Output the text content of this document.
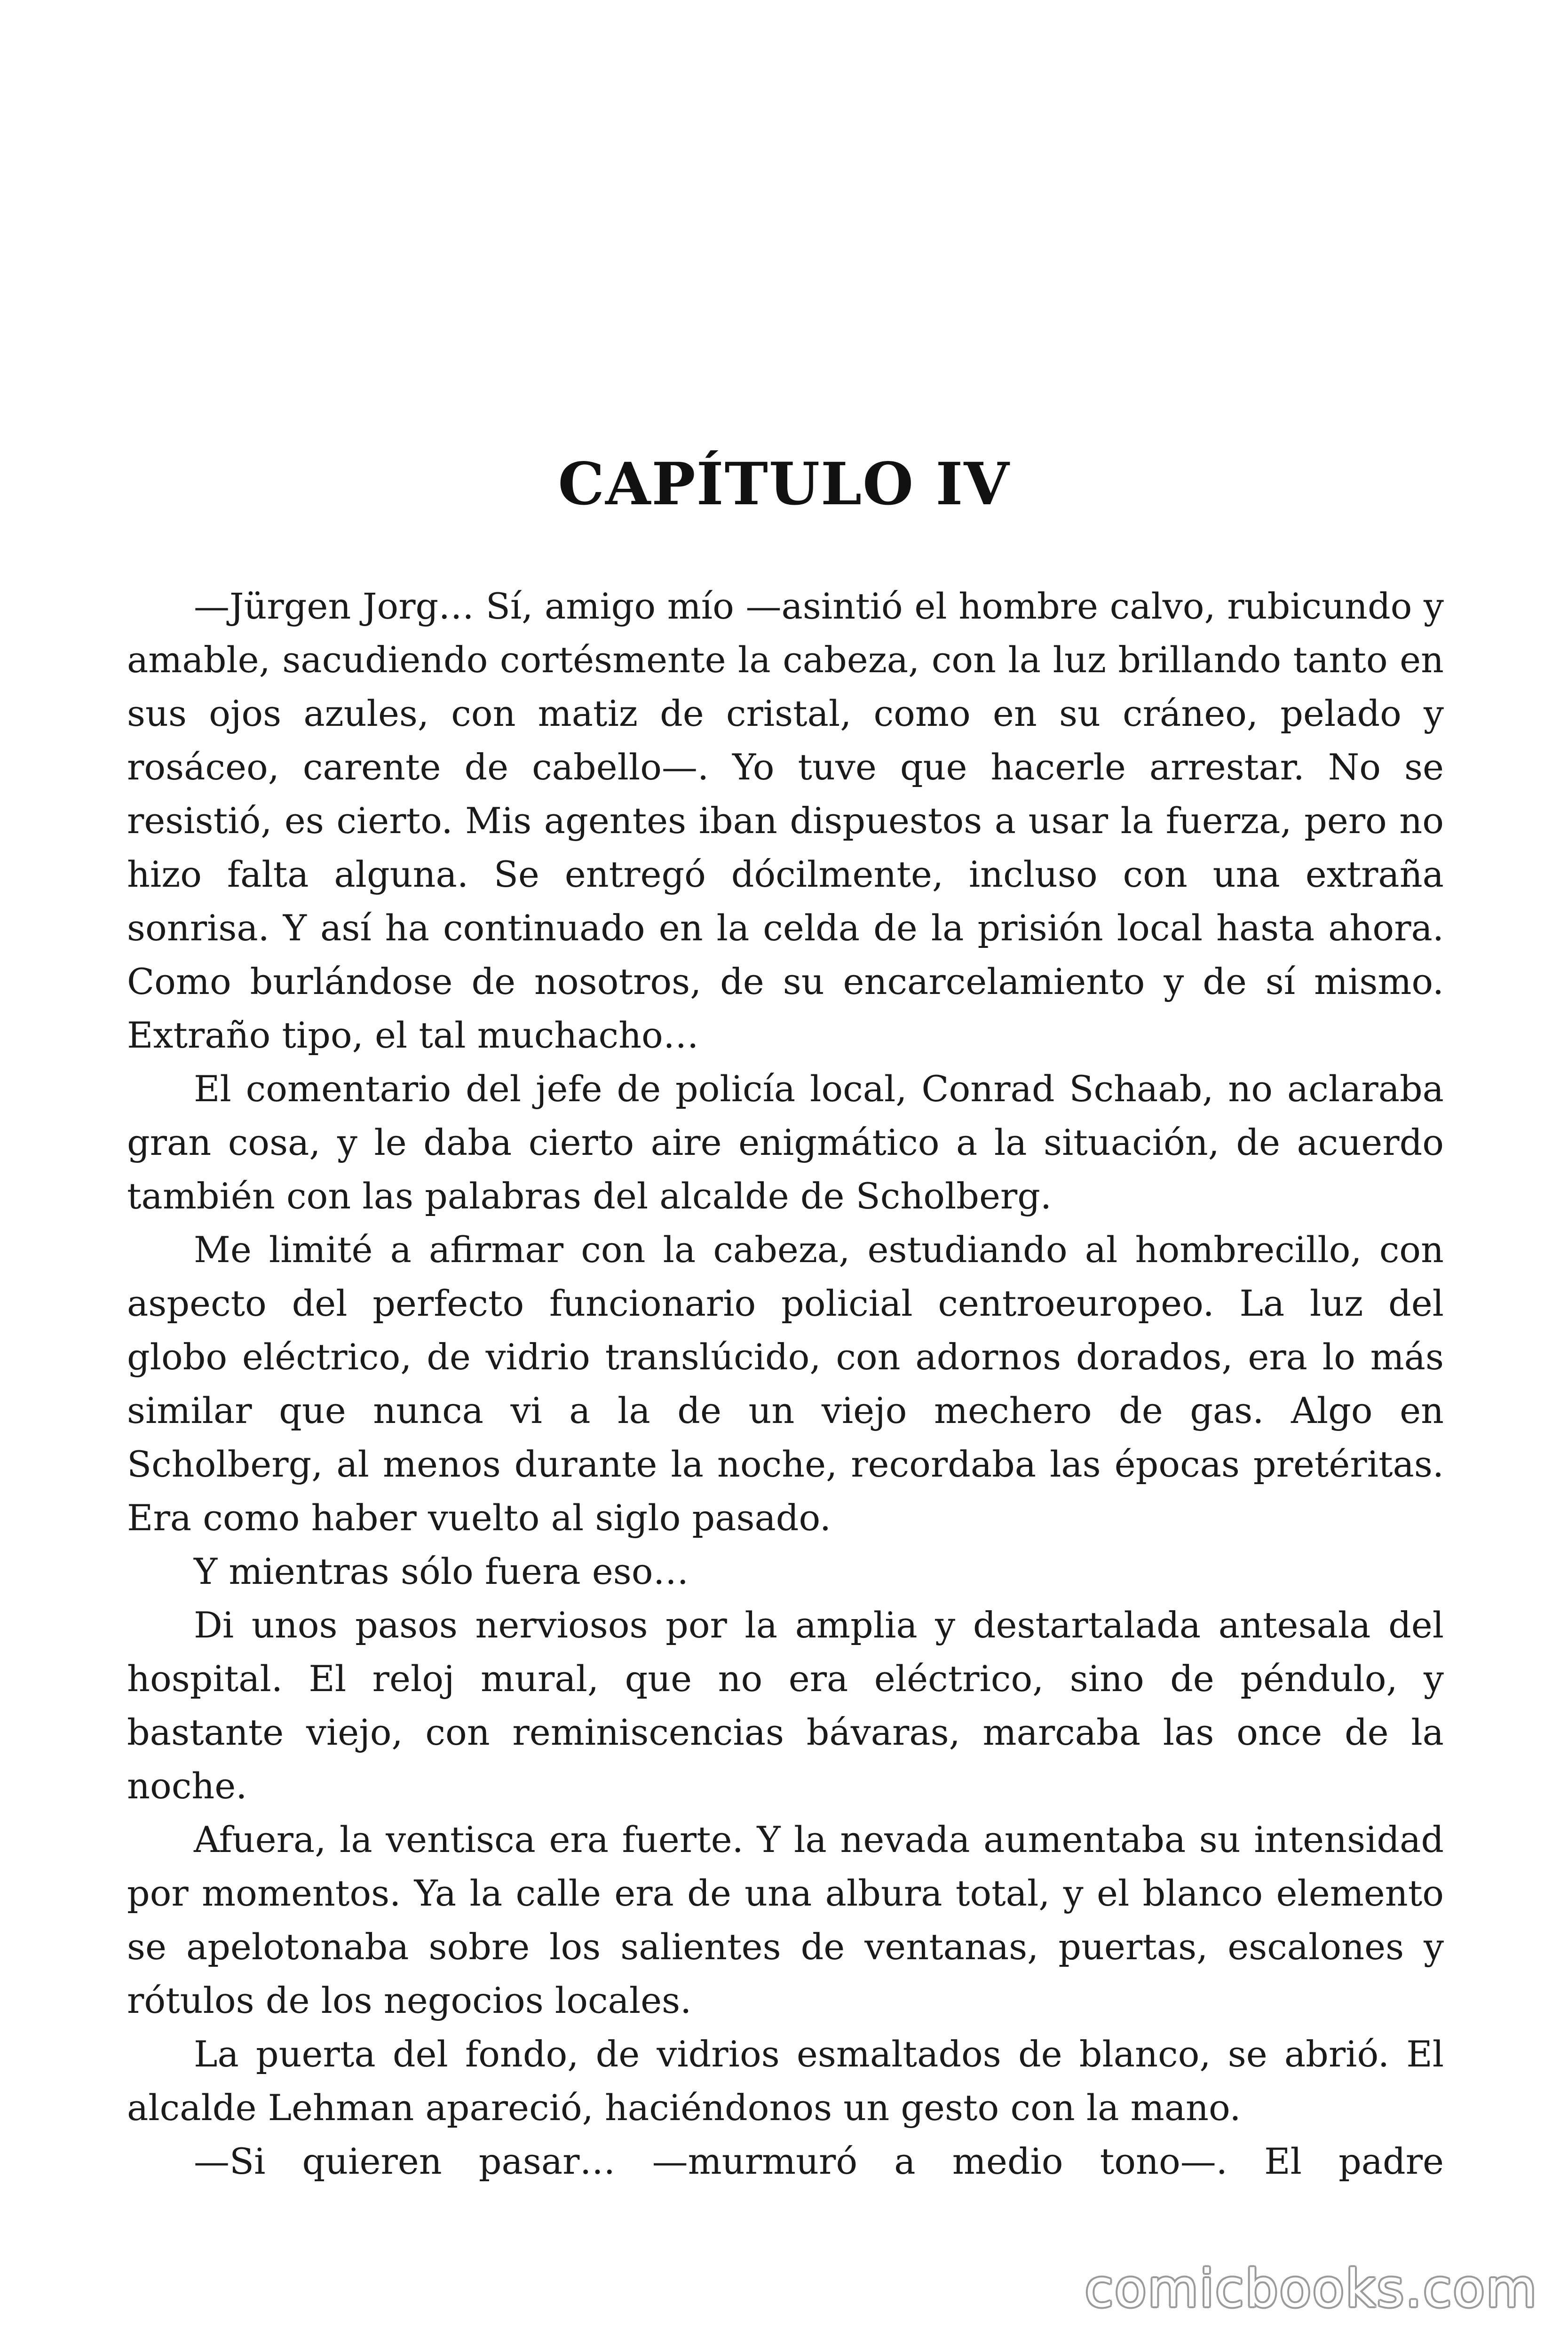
CAPÍTULO IV

—Jürgen Jorg… Sí, amigo mío —asintió el hombre calvo, rubicundo y amable, sacudiendo cortésmente la cabeza, con la luz brillando tanto en sus ojos azules, con matiz de cristal, como en su cráneo, pelado y rosáceo, carente de cabello—. Yo tuve que hacerle arrestar. No se resistió, es cierto. Mis agentes iban dispuestos a usar la fuerza, pero no hizo falta alguna. Se entregó dócilmente, incluso con una extraña sonrisa. Y así ha continuado en la celda de la prisión local hasta ahora. Como burlándose de nosotros, de su encarcelamiento y de sí mismo. Extraño tipo, el tal muchacho…

El comentario del jefe de policía local, Conrad Schaab, no aclaraba gran cosa, y le daba cierto aire enigmático a la situación, de acuerdo también con las palabras del alcalde de Scholberg.

Me limité a afirmar con la cabeza, estudiando al hombrecillo, con aspecto del perfecto funcionario policial centroeuropeo. La luz del globo eléctrico, de vidrio translúcido, con adornos dorados, era lo más similar que nunca vi a la de un viejo mechero de gas. Algo en Scholberg, al menos durante la noche, recordaba las épocas pretéritas. Era como haber vuelto al siglo pasado.

Y mientras sólo fuera eso…

Di unos pasos nerviosos por la amplia y destartalada antesala del hospital. El reloj mural, que no era eléctrico, sino de péndulo, y bastante viejo, con reminiscencias bávaras, marcaba las once de la noche.

Afuera, la ventisca era fuerte. Y la nevada aumentaba su intensidad por momentos. Ya la calle era de una albura total, y el blanco elemento se apelotonaba sobre los salientes de ventanas, puertas, escalones y rótulos de los negocios locales.

La puerta del fondo, de vidrios esmaltados de blanco, se abrió. El alcalde Lehman apareció, haciéndonos un gesto con la mano.

—Si quieren pasar… —murmuró a medio tono—. El padre

comicbooks.com
